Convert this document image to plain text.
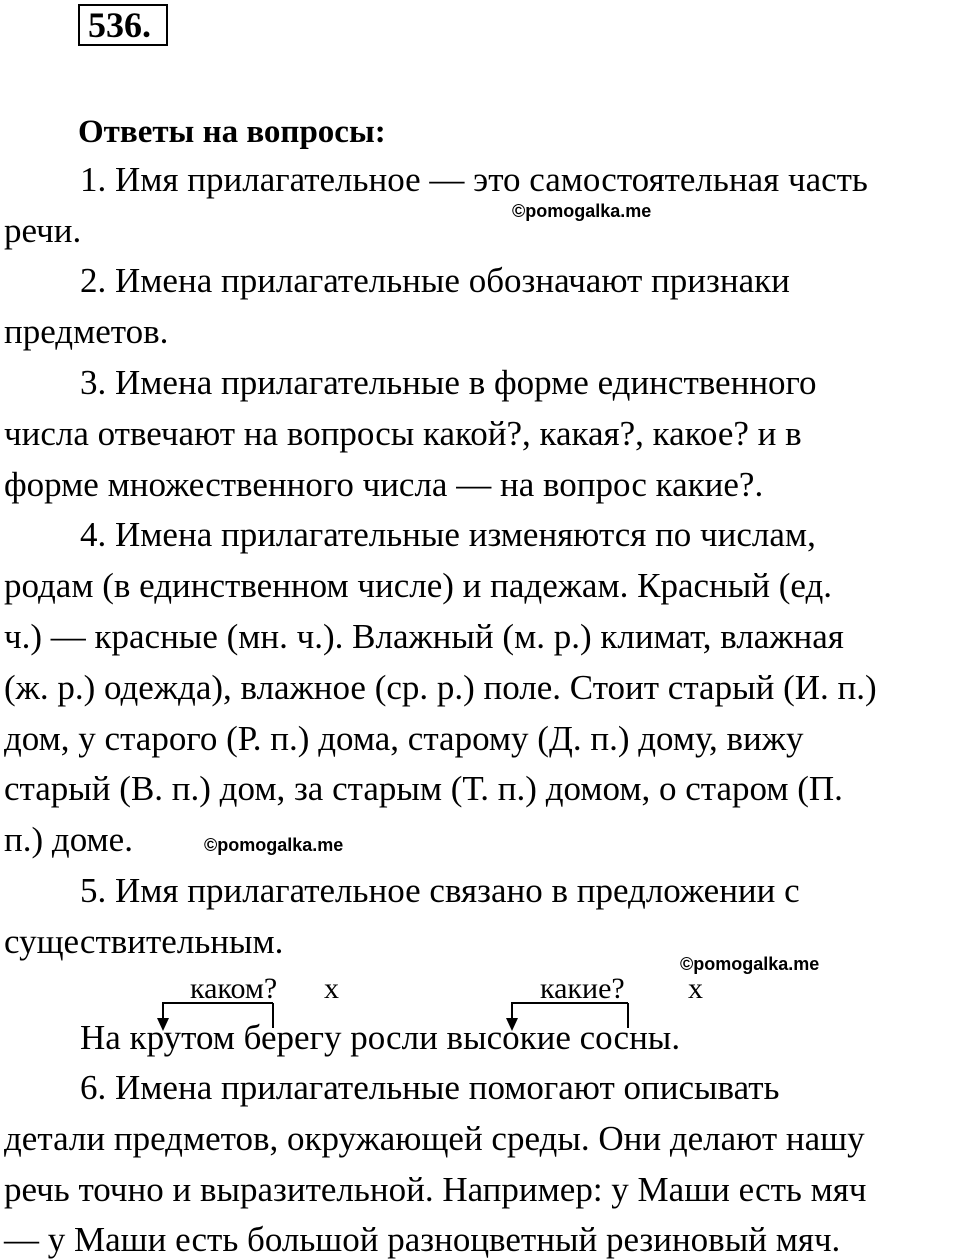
536.
Ответы на вопросы:
1. Имя прилагательное — это самостоятельная часть
©pomogalka.me
речи.
2. Имена прилагательные обозначают признаки
предметов.
3. Имена прилагательные в форме единственного
числа отвечают на вопросы какой?, какая?, какое? и в
форме множественного числа — на вопрос какие?.
4. Имена прилагательные изменяются по числам,
родам (в единственном числе) и падежам. Красный (ед.
ч.) — красные (мн. ч.). Влажный (м. р.) климат, влажная
(ж. р.) одежда), влажное (ср. р.) поле. Стоит старый (И. п.)
дом, у старого (Р. п.) дома, старому (Д. п.) дому, вижу
старый (В. п.) дом, за старым (Т. п.) домом, о старом (П.
п.) доме.	©pomogalka.me
5. Имя прилагательное связано в предложении с
существительным.
©pomogalka.me
каком? x	какие? x
На крутом берегу росли высокие сосны.
6. Имена прилагательные помогают описывать
детали предметов, окружающей среды. Они делают нашу
речь точно и выразительной. Например: у Маши есть мяч
— у Маши есть большой разноцветный резиновый мяч.
